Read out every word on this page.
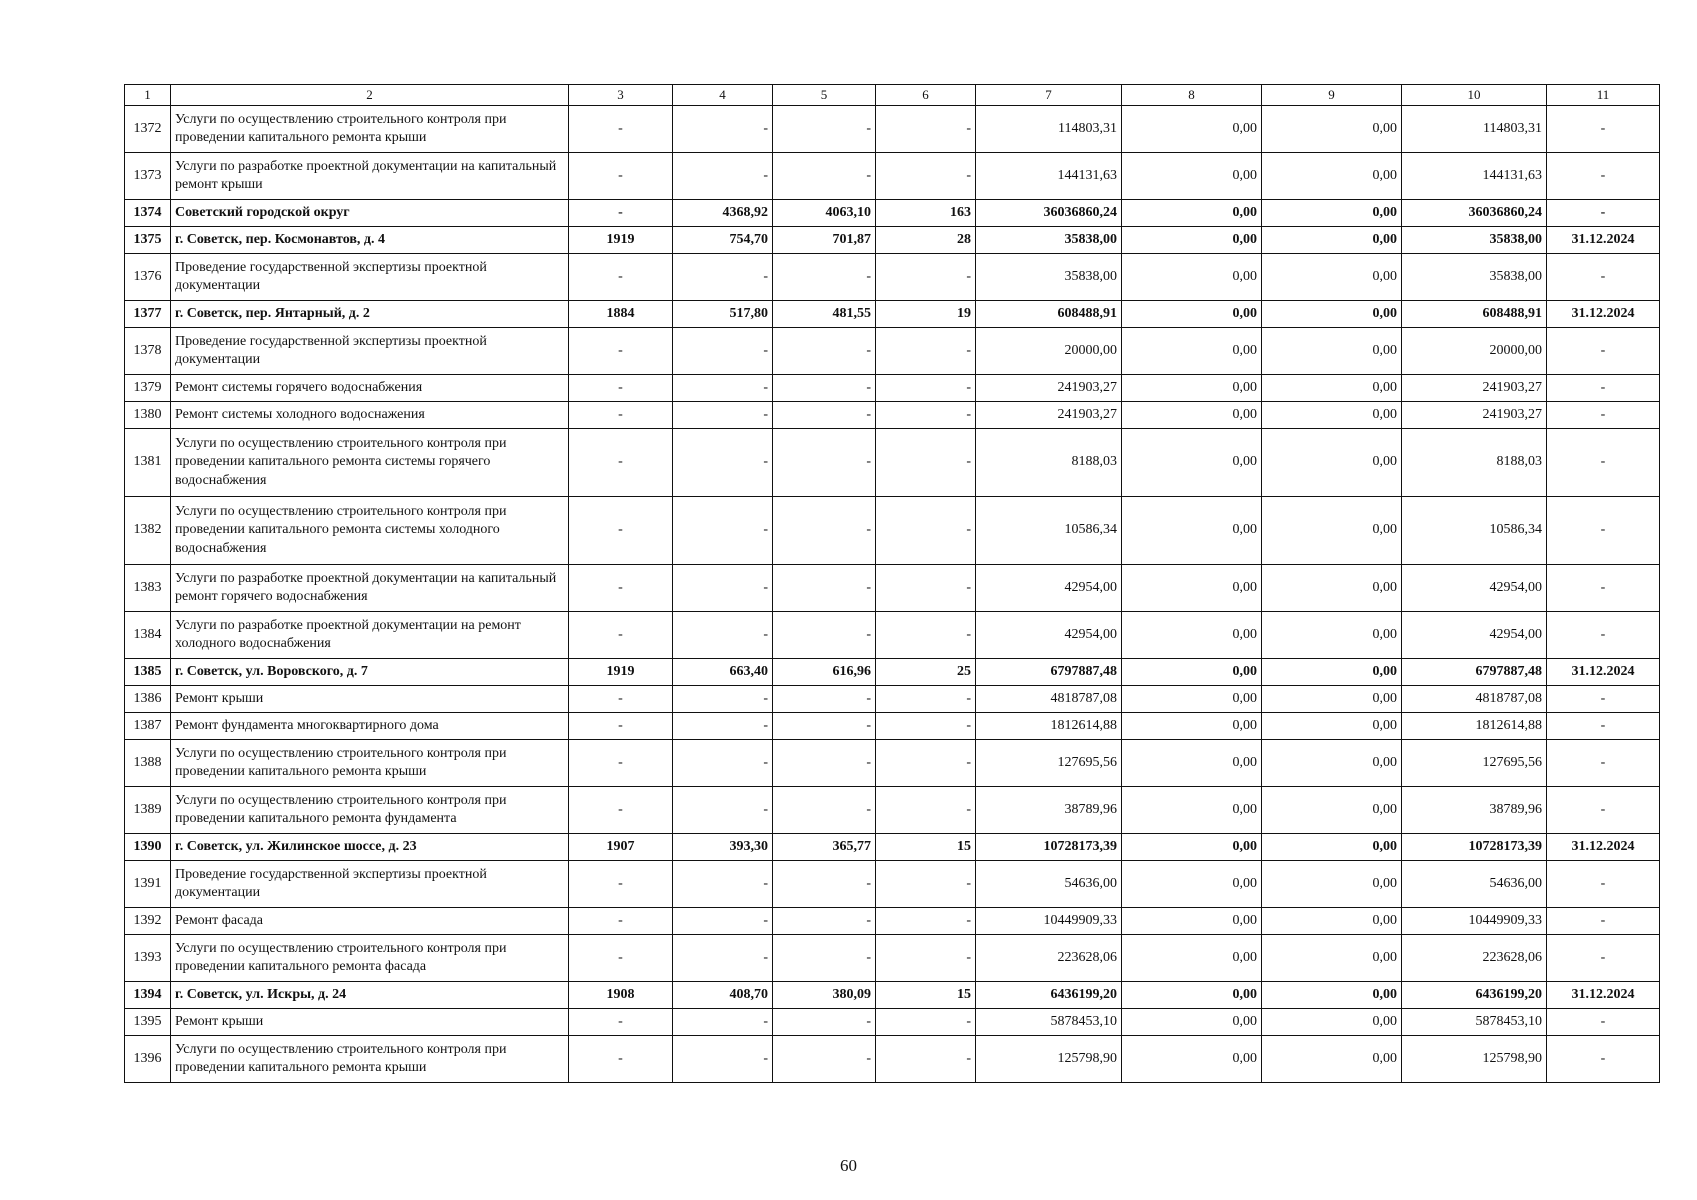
1	2	3	4	5	6	7	8	9	10	11
1372	Услуги по осуществлению строительного контроля при проведении капитального ремонта крыши	-	-	-	-	114803,31	0,00	0,00	114803,31	-
1373	Услуги по разработке проектной документации на капитальный ремонт крыши	-	-	-	-	144131,63	0,00	0,00	144131,63	-
1374	Советский городской округ	-	4368,92	4063,10	163	36036860,24	0,00	0,00	36036860,24	-
1375	г. Советск, пер. Космонавтов, д. 4	1919	754,70	701,87	28	35838,00	0,00	0,00	35838,00	31.12.2024
1376	Проведение государственной экспертизы проектной документации	-	-	-	-	35838,00	0,00	0,00	35838,00	-
1377	г. Советск, пер. Янтарный, д. 2	1884	517,80	481,55	19	608488,91	0,00	0,00	608488,91	31.12.2024
1378	Проведение государственной экспертизы проектной документации	-	-	-	-	20000,00	0,00	0,00	20000,00	-
1379	Ремонт системы горячего водоснабжения	-	-	-	-	241903,27	0,00	0,00	241903,27	-
1380	Ремонт системы холодного водоснажения	-	-	-	-	241903,27	0,00	0,00	241903,27	-
1381	Услуги по осуществлению строительного контроля при проведении капитального ремонта системы горячего водоснабжения	-	-	-	-	8188,03	0,00	0,00	8188,03	-
1382	Услуги по осуществлению строительного контроля при проведении капитального ремонта системы холодного водоснабжения	-	-	-	-	10586,34	0,00	0,00	10586,34	-
1383	Услуги по разработке проектной документации на капитальный ремонт горячего водоснабжения	-	-	-	-	42954,00	0,00	0,00	42954,00	-
1384	Услуги по разработке проектной документации на ремонт холодного водоснабжения	-	-	-	-	42954,00	0,00	0,00	42954,00	-
1385	г. Советск, ул. Воровского, д. 7	1919	663,40	616,96	25	6797887,48	0,00	0,00	6797887,48	31.12.2024
1386	Ремонт крыши	-	-	-	-	4818787,08	0,00	0,00	4818787,08	-
1387	Ремонт фундамента многоквартирного дома	-	-	-	-	1812614,88	0,00	0,00	1812614,88	-
1388	Услуги по осуществлению строительного контроля при проведении капитального ремонта крыши	-	-	-	-	127695,56	0,00	0,00	127695,56	-
1389	Услуги по осуществлению строительного контроля при проведении капитального ремонта фундамента	-	-	-	-	38789,96	0,00	0,00	38789,96	-
1390	г. Советск, ул. Жилинское шоссе, д. 23	1907	393,30	365,77	15	10728173,39	0,00	0,00	10728173,39	31.12.2024
1391	Проведение государственной экспертизы проектной документации	-	-	-	-	54636,00	0,00	0,00	54636,00	-
1392	Ремонт фасада	-	-	-	-	10449909,33	0,00	0,00	10449909,33	-
1393	Услуги по осуществлению строительного контроля при проведении капитального ремонта фасада	-	-	-	-	223628,06	0,00	0,00	223628,06	-
1394	г. Советск, ул. Искры, д. 24	1908	408,70	380,09	15	6436199,20	0,00	0,00	6436199,20	31.12.2024
1395	Ремонт крыши	-	-	-	-	5878453,10	0,00	0,00	5878453,10	-
1396	Услуги по осуществлению строительного контроля при проведении капитального ремонта крыши	-	-	-	-	125798,90	0,00	0,00	125798,90	-
60
